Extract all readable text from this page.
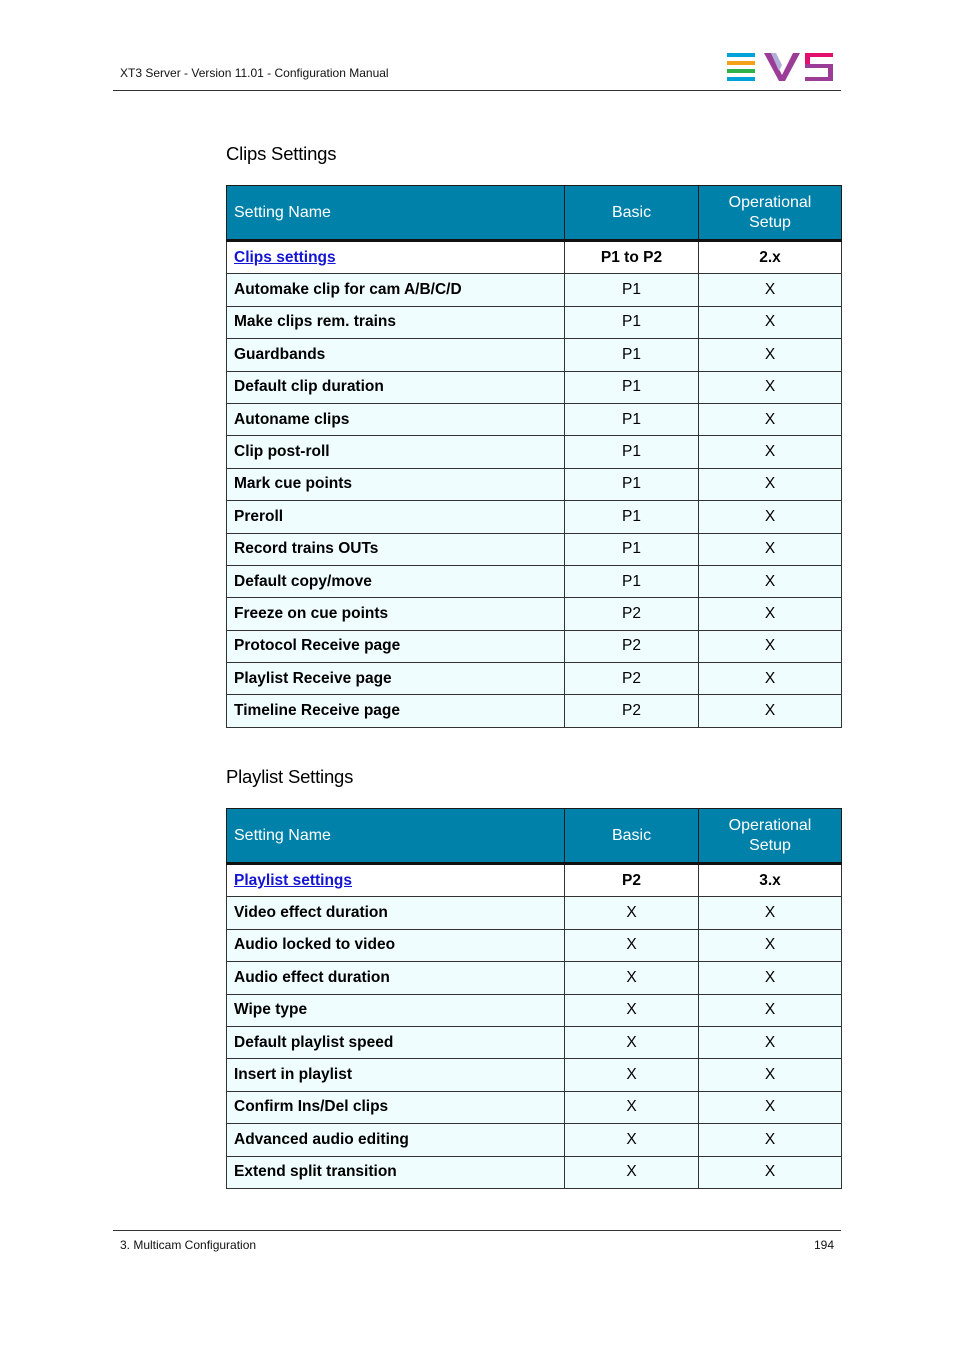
XT3 Server - Version 11.01 - Configuration Manual
Clips Settings
Setting Name	Basic	Operational Setup
Clips settings	P1 to P2	2.x
Automake clip for cam A/B/C/D	P1	X
Make clips rem. trains	P1	X
Guardbands	P1	X
Default clip duration	P1	X
Autoname clips	P1	X
Clip post-roll	P1	X
Mark cue points	P1	X
Preroll	P1	X
Record trains OUTs	P1	X
Default copy/move	P1	X
Freeze on cue points	P2	X
Protocol Receive page	P2	X
Playlist Receive page	P2	X
Timeline Receive page	P2	X
Playlist Settings
Setting Name	Basic	Operational Setup
Playlist settings	P2	3.x
Video effect duration	X	X
Audio locked to video	X	X
Audio effect duration	X	X
Wipe type	X	X
Default playlist speed	X	X
Insert in playlist	X	X
Confirm Ins/Del clips	X	X
Advanced audio editing	X	X
Extend split transition	X	X
3. Multicam Configuration	194
